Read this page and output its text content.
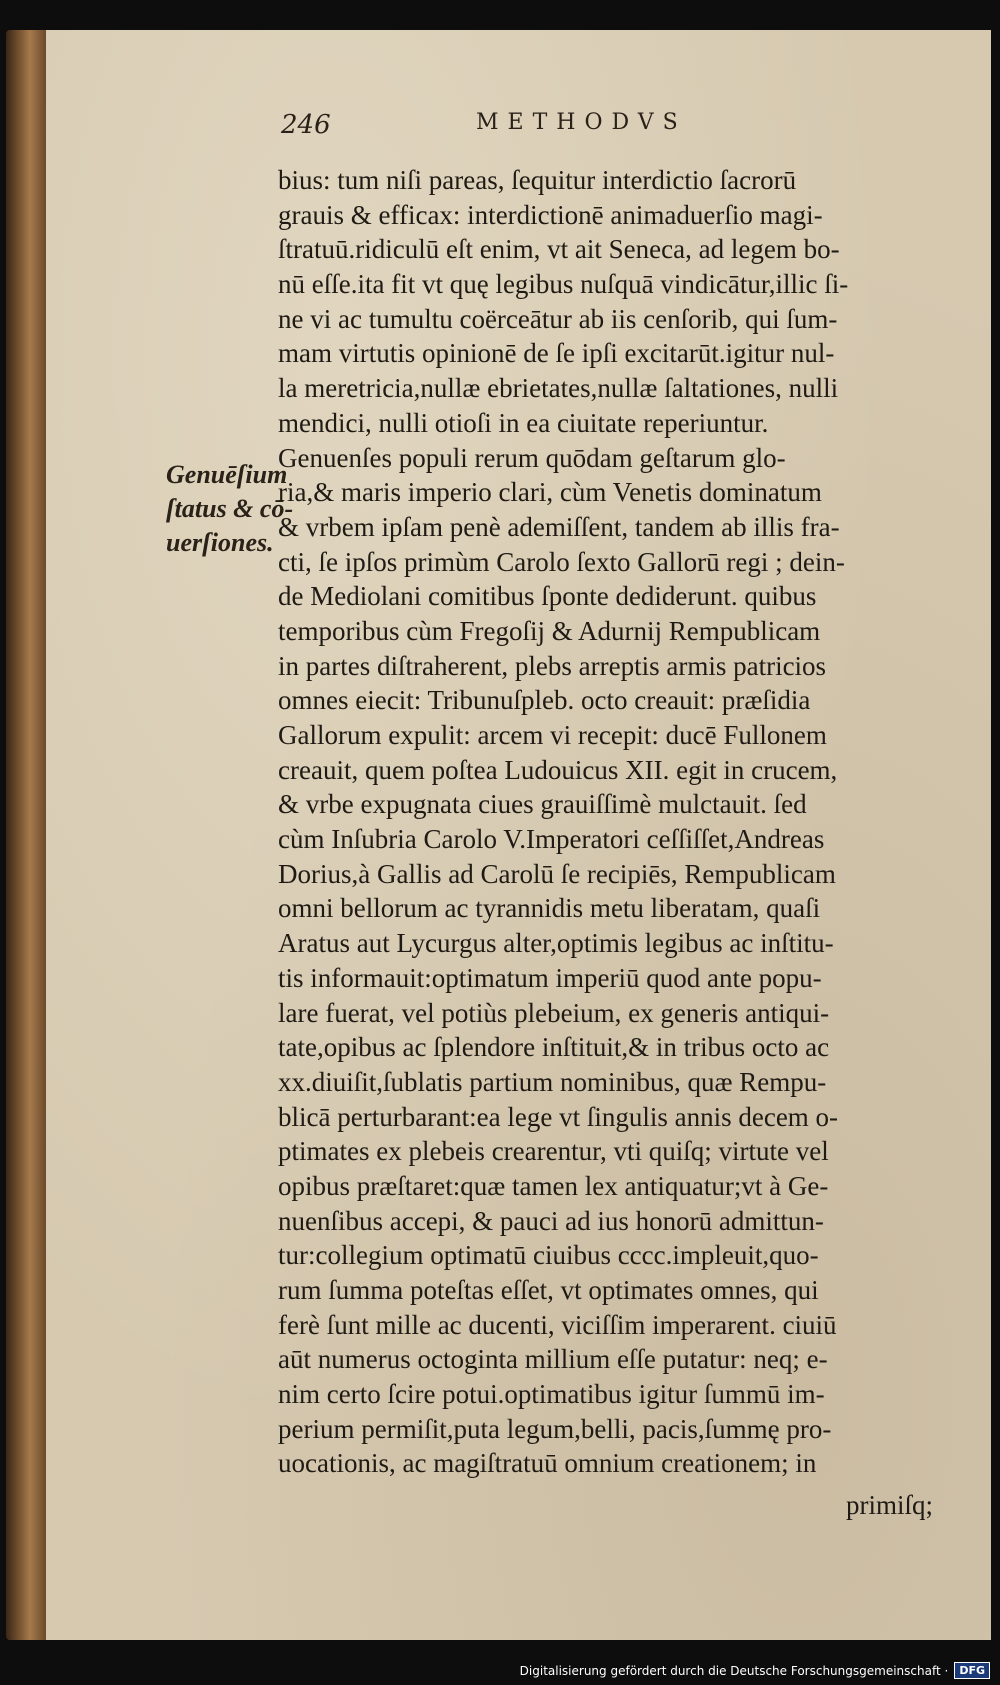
246	METHODVS
Genuēſium
ſtatus & cō-
uerſiones.
bius: tum niſi pareas, ſequitur interdictio ſacrorū
grauis & efficax: interdictionē animaduerſio magi-
ſtratuū.ridiculū eſt enim, vt ait Seneca, ad legem bo-
nū eſſe.ita fit vt quę legibus nuſquā vindicātur,illic ſi-
ne vi ac tumultu coërceātur ab iis cenſorib, qui ſum-
mam virtutis opinionē de ſe ipſi excitarūt.igitur nul-
la meretricia,nullæ ebrietates,nullæ ſaltationes, nulli
mendici, nulli otioſi in ea ciuitate reperiuntur.
Genuenſes populi rerum quōdam geſtarum glo-
ria,& maris imperio clari, cùm Venetis dominatum
& vrbem ipſam penè ademiſſent, tandem ab illis fra-
cti, ſe ipſos primùm Carolo ſexto Gallorū regi ; dein-
de Mediolani comitibus ſponte dediderunt. quibus
temporibus cùm Fregoſij & Adurnij Rempublicam
in partes diſtraherent, plebs arreptis armis patricios
omnes eiecit: Tribunuſpleb. octo creauit: præſidia
Gallorum expulit: arcem vi recepit: ducē Fullonem
creauit, quem poſtea Ludouicus XII. egit in crucem,
& vrbe expugnata ciues grauiſſimè mulctauit. ſed
cùm Inſubria Carolo V.Imperatori ceſſiſſet,Andreas
Dorius,à Gallis ad Carolū ſe recipiēs, Rempublicam
omni bellorum ac tyrannidis metu liberatam, quaſi
Aratus aut Lycurgus alter,optimis legibus ac inſtitu-
tis informauit:optimatum imperiū quod ante popu-
lare fuerat, vel potiùs plebeium, ex generis antiqui-
tate,opibus ac ſplendore inſtituit,& in tribus octo ac
xx.diuiſit,ſublatis partium nominibus, quæ Rempu-
blicā perturbarant:ea lege vt ſingulis annis decem o-
ptimates ex plebeis crearentur, vti quiſq; virtute vel
opibus præſtaret:quæ tamen lex antiquatur;vt à Ge-
nuenſibus accepi, & pauci ad ius honorū admittun-
tur:collegium optimatū ciuibus cccc.impleuit,quo-
rum ſumma poteſtas eſſet, vt optimates omnes, qui
ferè ſunt mille ac ducenti, viciſſim imperarent. ciuiū
aūt numerus octoginta millium eſſe putatur: neq; e-
nim certo ſcire potui.optimatibus igitur ſummū im-
perium permiſit,puta legum,belli, pacis,ſummę pro-
uocationis, ac magiſtratuū omnium creationem; in
primiſq;
Digitalisierung gefördert durch die Deutsche Forschungsgemeinschaft ·	DFG
